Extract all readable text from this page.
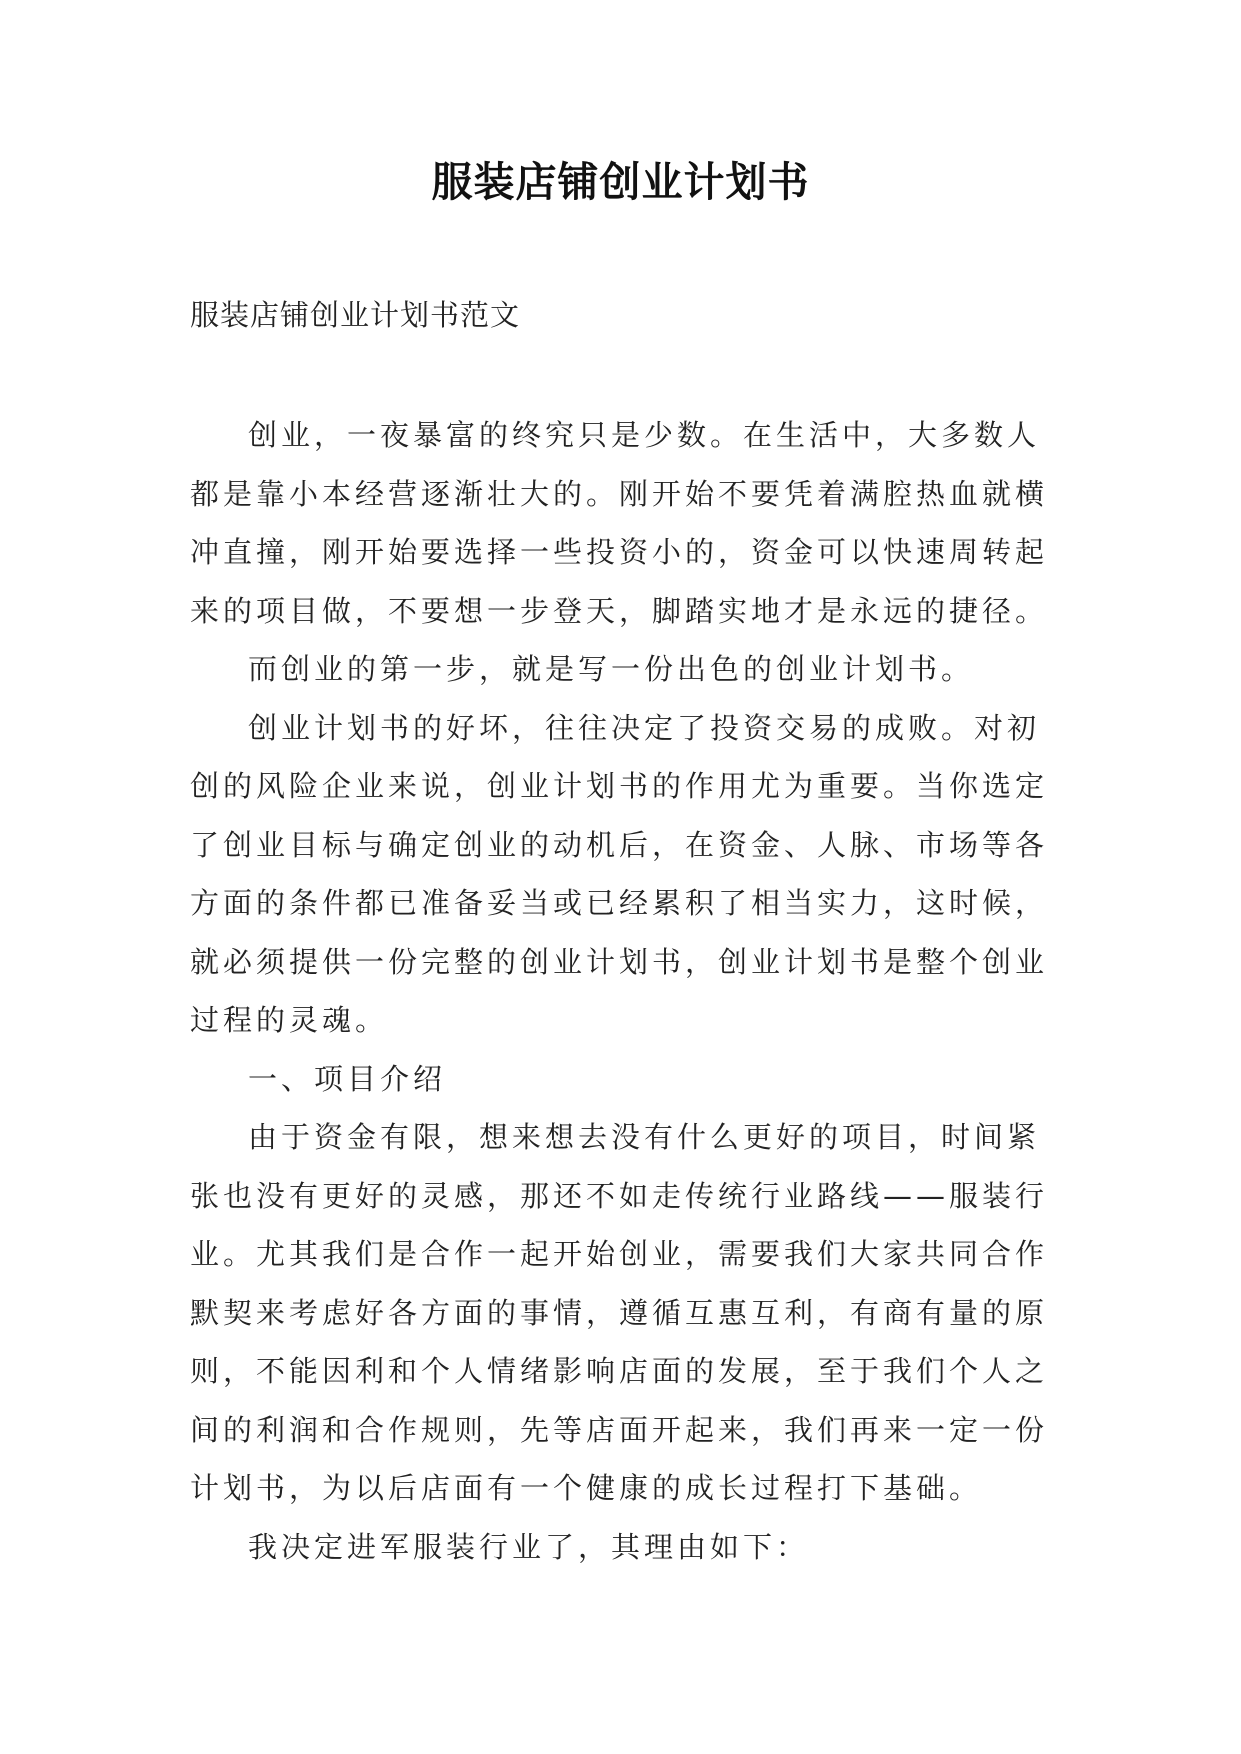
服装店铺创业计划书
服装店铺创业计划书范文

创业，一夜暴富的终究只是少数。在生活中，大多数人都是靠小本经营逐渐壮大的。刚开始不要凭着满腔热血就横冲直撞，刚开始要选择一些投资小的，资金可以快速周转起来的项目做，不要想一步登天，脚踏实地才是永远的捷径。

而创业的第一步，就是写一份出色的创业计划书。

创业计划书的好坏，往往决定了投资交易的成败。对初创的风险企业来说，创业计划书的作用尤为重要。当你选定了创业目标与确定创业的动机后，在资金、人脉、市场等各方面的条件都已准备妥当或已经累积了相当实力，这时候，就必须提供一份完整的创业计划书，创业计划书是整个创业过程的灵魂。

一、项目介绍

由于资金有限，想来想去没有什么更好的项目，时间紧张也没有更好的灵感，那还不如走传统行业路线——服装行业。尤其我们是合作一起开始创业，需要我们大家共同合作默契来考虑好各方面的事情，遵循互惠互利，有商有量的原则，不能因利和个人情绪影响店面的发展，至于我们个人之间的利润和合作规则，先等店面开起来，我们再来一定一份计划书，为以后店面有一个健康的成长过程打下基础。

我决定进军服装行业了，其理由如下：
